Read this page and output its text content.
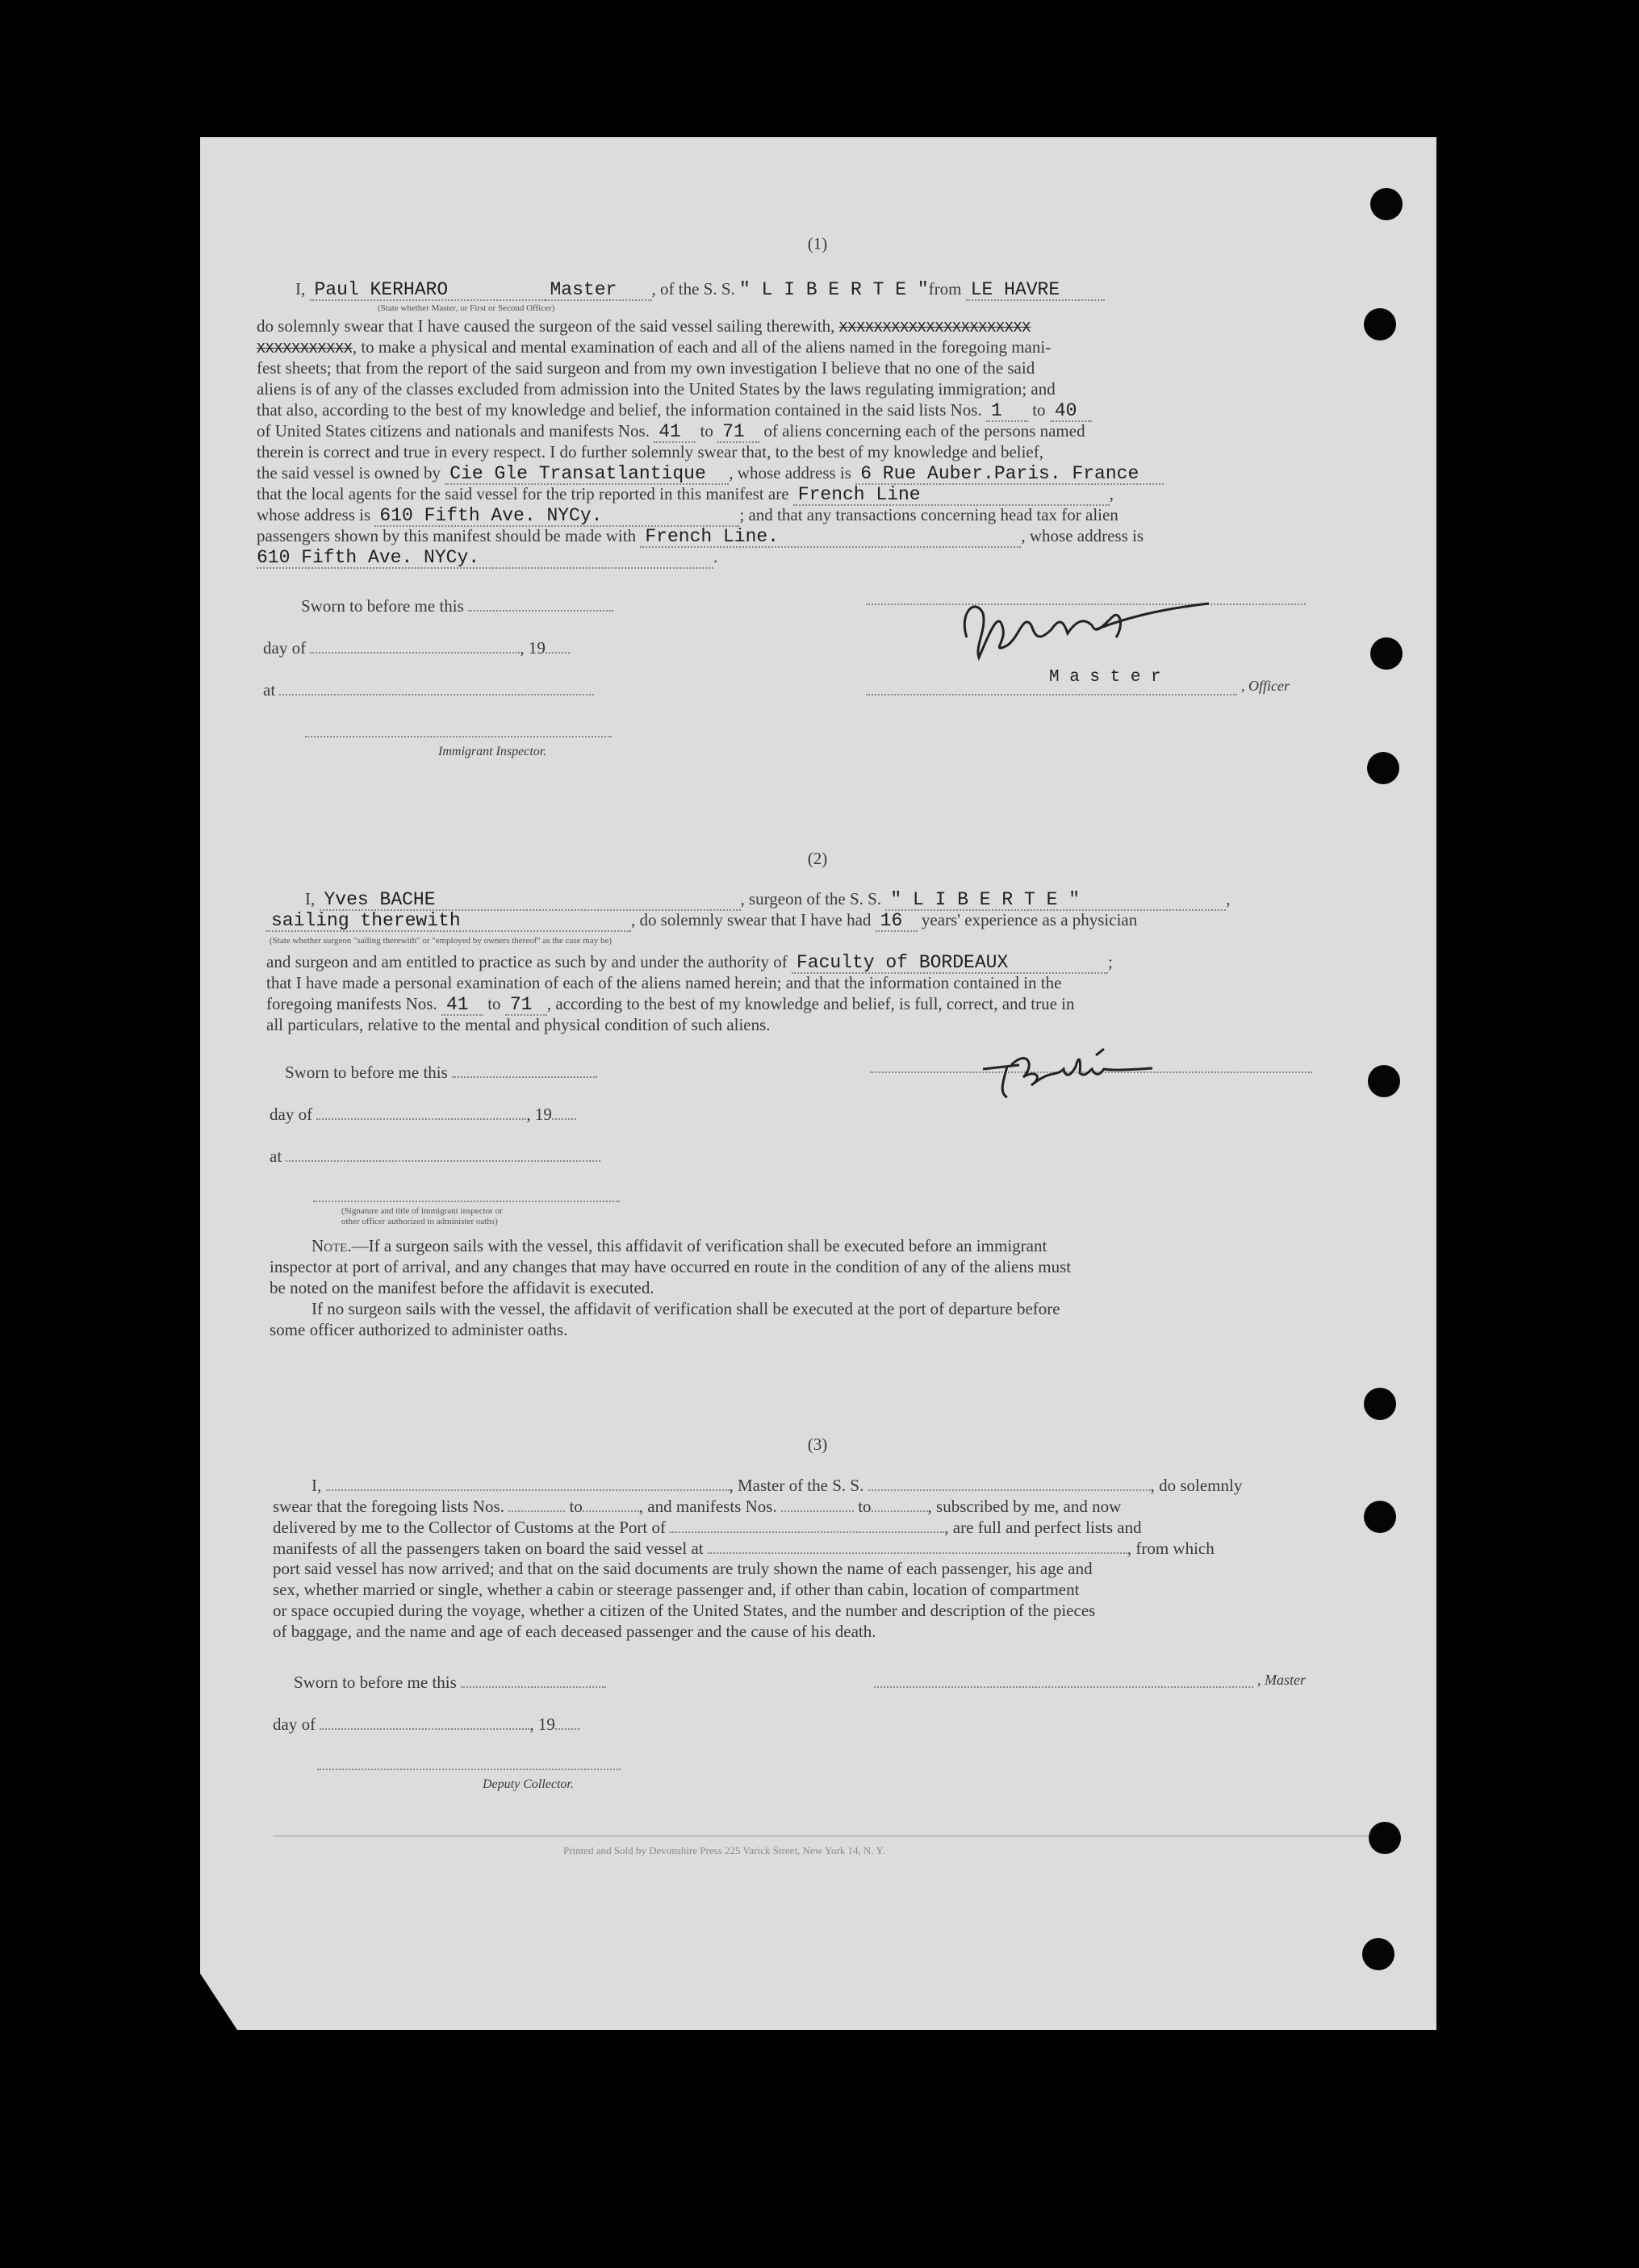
(1)
I, Paul KERHARO	Master , of the S. S. " L I B E R T E "from LE HAVRE
(State whether Master, or First or Second Officer)
do solemnly swear that I have caused the surgeon of the said vessel sailing therewith, XXXXXXXXXXXXXXXXXXXXXX
XXXXXXXXXXX, to make a physical and mental examination of each and all of the aliens named in the foregoing mani-
fest sheets; that from the report of the said surgeon and from my own investigation I believe that no one of the said
aliens is of any of the classes excluded from admission into the United States by the laws regulating immigration; and
that also, according to the best of my knowledge and belief, the information contained in the said lists Nos. 1 to 40
of United States citizens and nationals and manifests Nos. 41 to 71 of aliens concerning each of the persons named
therein is correct and true in every respect. I do further solemnly swear that, to the best of my knowledge and belief,
the said vessel is owned by Cie Gle Transatlantique , whose address is 6 Rue Auber.Paris. France
that the local agents for the said vessel for the trip reported in this manifest are French Line	,
whose address is 610 Fifth Ave. NYCy.	; and that any transactions concerning head tax for alien
passengers shown by this manifest should be made with French Line.	, whose address is
610 Fifth Ave. NYCy.	.
Sworn to before me this
day of	, 19
at
Immigrant Inspector.
M a s t e r	, Officer
(2)
I, Yves BACHE	, surgeon of the S. S. " L I B E R T E "	,
sailing therewith	, do solemnly swear that I have had 16 years' experience as a physician
(State whether surgeon "sailing therewith" or "employed by owners thereof" as the case may be)
and surgeon and am entitled to practice as such by and under the authority of Faculty of BORDEAUX	;
that I have made a personal examination of each of the aliens named herein; and that the information contained in the
foregoing manifests Nos. 41 to 71 , according to the best of my knowledge and belief, is full, correct, and true in
all particulars, relative to the mental and physical condition of such aliens.
Sworn to before me this
day of	, 19
at
(Signature and title of immigrant inspector or
other officer authorized to administer oaths)
Note.—If a surgeon sails with the vessel, this affidavit of verification shall be executed before an immigrant
inspector at port of arrival, and any changes that may have occurred en route in the condition of any of the aliens must
be noted on the manifest before the affidavit is executed.
If no surgeon sails with the vessel, the affidavit of verification shall be executed at the port of departure before
some officer authorized to administer oaths.
(3)
I,	, Master of the S. S.	, do solemnly
swear that the foregoing lists Nos.	to	, and manifests Nos.	to	, subscribed by me, and now
delivered by me to the Collector of Customs at the Port of	, are full and perfect lists and
manifests of all the passengers taken on board the said vessel at	, from which
port said vessel has now arrived; and that on the said documents are truly shown the name of each passenger, his age and
sex, whether married or single, whether a cabin or steerage passenger and, if other than cabin, location of compartment
or space occupied during the voyage, whether a citizen of the United States, and the number and description of the pieces
of baggage, and the name and age of each deceased passenger and the cause of his death.
Sworn to before me this	, Master
day of	, 19
Deputy Collector.
Printed and Sold by Devonshire Press 225 Varick Street, New York 14, N. Y.
